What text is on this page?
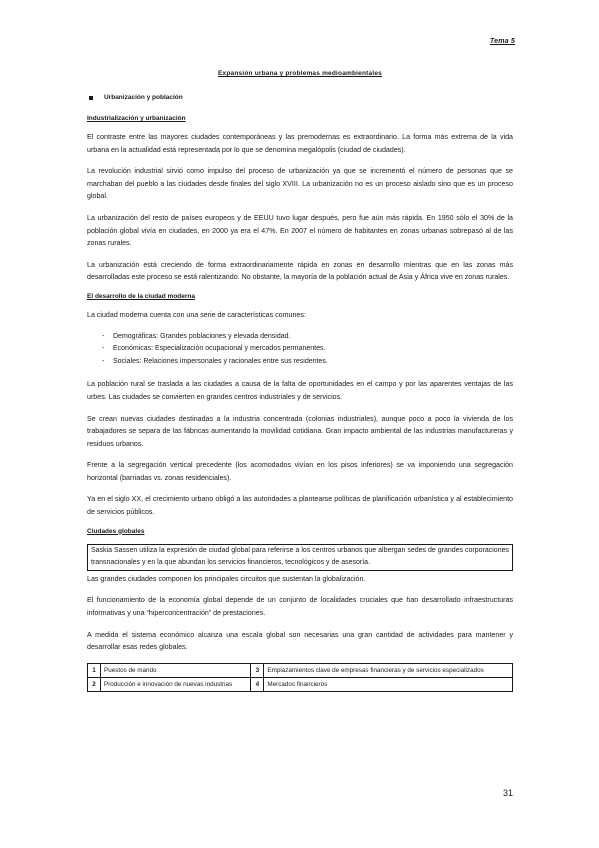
Tema 5
Expansión urbana y problemas medioambientales
Urbanización y población
Industrialización y urbanización

El contraste entre las mayores ciudades contemporáneas y las premodernas es extraordinario. La forma más extrema de la vida urbana en la actualidad está representada por lo que se denomina megalópolis (ciudad de ciudades).

La revolución industrial sirvió como impulso del proceso de urbanización ya que se incrementó el número de personas que se marchaban del pueblo a las ciudades desde finales del siglo XVIII. La urbanización no es un proceso aislado sino que es un proceso global.

La urbanización del resto de países europeos y de EEUU tuvo lugar después, pero fue aún más rápida. En 1950 sólo el 30% de la población global vivía en ciudades, en 2000 ya era el 47%. En 2007 el número de habitantes en zonas urbanas sobrepasó al de las zonas rurales.

La urbanización está creciendo de forma extraordinariamente rápida en zonas en desarrollo mientras que en las zonas más desarrolladas este proceso se está ralentizando. No obstante, la mayoría de la población actual de Asia y África vive en zonas rurales.

El desarrollo de la ciudad moderna

La ciudad moderna cuenta con una serie de características comunes:

- Demográficas: Grandes poblaciones y elevada densidad.
- Económicas: Especialización ocupacional y mercados permanentes.
- Sociales: Relaciones impersonales y racionales entre sus residentes.

La población rural se traslada a las ciudades a causa de la falta de oportunidades en el campo y por las aparentes ventajas de las urbes. Las ciudades se convierten en grandes centros industriales y de servicios.

Se crean nuevas ciudades destinadas a la industria concentrada (colonias industriales), aunque poco a poco la vivienda de los trabajadores se separa de las fábricas aumentando la movilidad cotidiana. Gran impacto ambiental de las industrias manufactureras y residuos urbanos.

Frente a la segregación vertical precedente (los acomodados vivían en los pisos inferiores) se va imponiendo una segregación horizontal (barriadas vs. zonas residenciales).

Ya en el siglo XX, el crecimiento urbano obligó a las autoridades a plantearse políticas de planificación urbanística y al establecimiento de servicios públicos.

Ciudades globales
Saskia Sassen utiliza la expresión de ciudad global para referirse a los centros urbanos que albergan sedes de grandes corporaciones transnacionales y en la que abundan los servicios financieros, tecnológicos y de asesoría.

Las grandes ciudades componen los principales circuitos que sustentan la globalización.

El funcionamiento de la economía global depende de un conjunto de localidades cruciales que han desarrollado infraestructuras informativas y una “hiperconcentración” de prestaciones.

A medida el sistema económico alcanza una escala global son necesarias una gran cantidad de actividades para mantener y desarrollar esas redes globales.

1	Puestos de mando	3	Emplazamientos clave de empresas financieras y de servicios especializados
2	Producción e innovación de nuevas industrias	4	Mercados financieros
31
